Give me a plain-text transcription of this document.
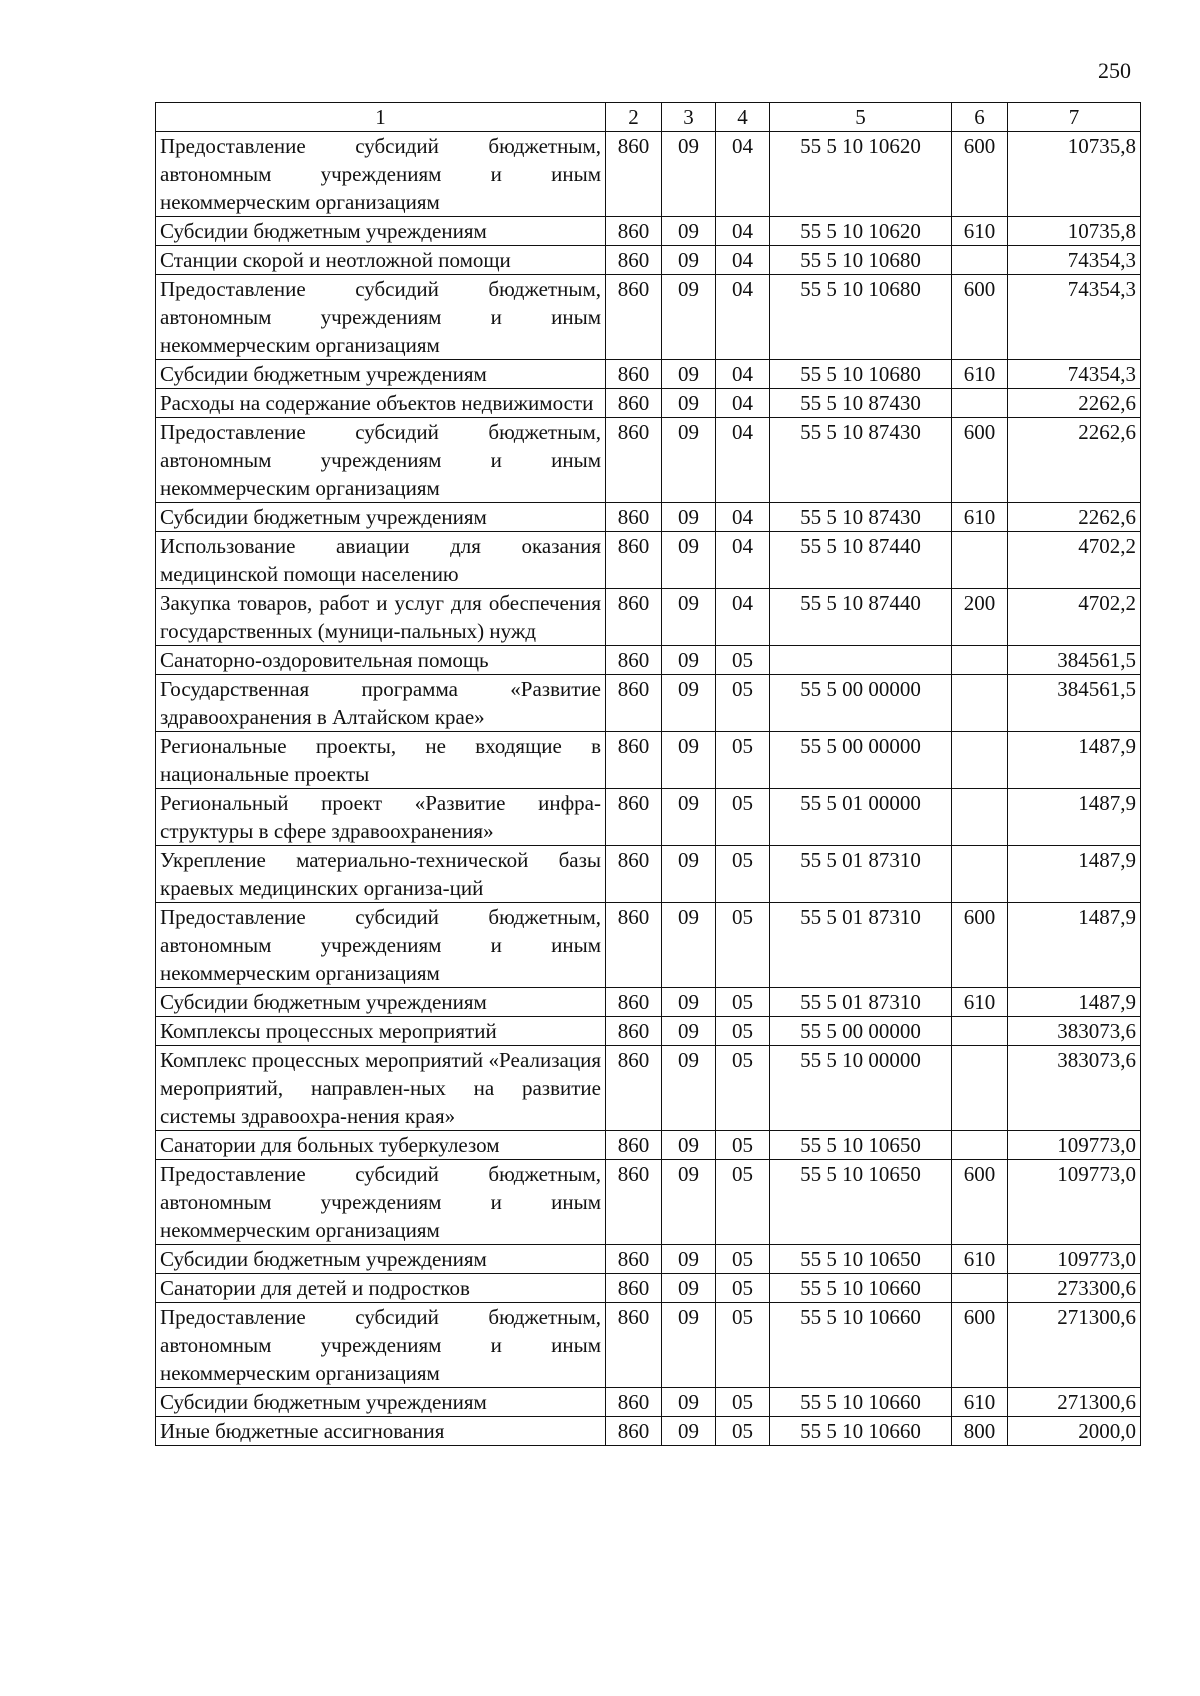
250
1	2	3	4	5	6	7
Предоставление субсидий бюджетным, автономным учреждениям и иным некоммерческим организациям	860	09	04	55 5 10 10620	600	10735,8
Субсидии бюджетным учреждениям	860	09	04	55 5 10 10620	610	10735,8
Станции скорой и неотложной помощи	860	09	04	55 5 10 10680		74354,3
Предоставление субсидий бюджетным, автономным учреждениям и иным некоммерческим организациям	860	09	04	55 5 10 10680	600	74354,3
Субсидии бюджетным учреждениям	860	09	04	55 5 10 10680	610	74354,3
Расходы на содержание объектов недвижимости	860	09	04	55 5 10 87430		2262,6
Предоставление субсидий бюджетным, автономным учреждениям и иным некоммерческим организациям	860	09	04	55 5 10 87430	600	2262,6
Субсидии бюджетным учреждениям	860	09	04	55 5 10 87430	610	2262,6
Использование авиации для оказания медицинской помощи населению	860	09	04	55 5 10 87440		4702,2
Закупка товаров, работ и услуг для обеспечения государственных (муници-пальных) нужд	860	09	04	55 5 10 87440	200	4702,2
Санаторно-оздоровительная помощь	860	09	05			384561,5
Государственная программа «Развитие здравоохранения в Алтайском крае»	860	09	05	55 5 00 00000		384561,5
Региональные проекты, не входящие в национальные проекты	860	09	05	55 5 00 00000		1487,9
Региональный проект «Развитие инфра-структуры в сфере здравоохранения»	860	09	05	55 5 01 00000		1487,9
Укрепление материально-технической базы краевых медицинских организа-ций	860	09	05	55 5 01 87310		1487,9
Предоставление субсидий бюджетным, автономным учреждениям и иным некоммерческим организациям	860	09	05	55 5 01 87310	600	1487,9
Субсидии бюджетным учреждениям	860	09	05	55 5 01 87310	610	1487,9
Комплексы процессных мероприятий	860	09	05	55 5 00 00000		383073,6
Комплекс процессных мероприятий «Реализация мероприятий, направлен-ных на развитие системы здравоохра-нения края»	860	09	05	55 5 10 00000		383073,6
Санатории для больных туберкулезом	860	09	05	55 5 10 10650		109773,0
Предоставление субсидий бюджетным, автономным учреждениям и иным некоммерческим организациям	860	09	05	55 5 10 10650	600	109773,0
Субсидии бюджетным учреждениям	860	09	05	55 5 10 10650	610	109773,0
Санатории для детей и подростков	860	09	05	55 5 10 10660		273300,6
Предоставление субсидий бюджетным, автономным учреждениям и иным некоммерческим организациям	860	09	05	55 5 10 10660	600	271300,6
Субсидии бюджетным учреждениям	860	09	05	55 5 10 10660	610	271300,6
Иные бюджетные ассигнования	860	09	05	55 5 10 10660	800	2000,0
